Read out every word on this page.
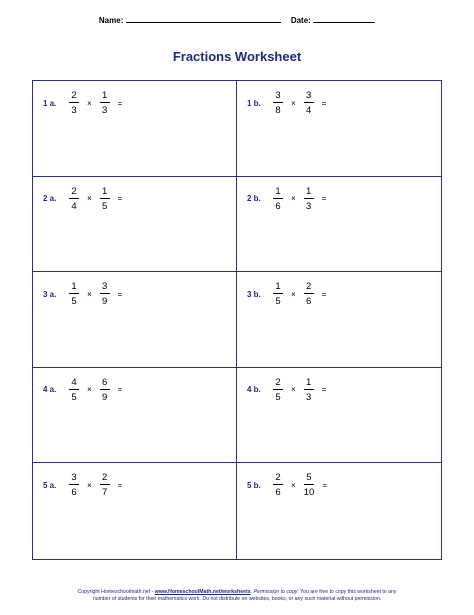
Name:	Date:
Fractions Worksheet
1 a.	$\frac{2}{3} \times \frac{1}{3}$ =	1 b.	$\frac{3}{8} \times \frac{3}{4}$ =
2 a.	$\frac{2}{4} \times \frac{1}{5}$ =	2 b.	$\frac{1}{6} \times \frac{1}{3}$ =
3 a.	$\frac{1}{5} \times \frac{3}{9}$ =	3 b.	$\frac{1}{5} \times \frac{2}{6}$ =
4 a.	$\frac{4}{5} \times \frac{6}{9}$ =	4 b.	$\frac{2}{5} \times \frac{1}{3}$ =
5 a.	$\frac{3}{6} \times \frac{2}{7}$ =	5 b.	$\frac{2}{6} \times \frac{5}{10}$ =
Copyright Homeschoolmath.net - www.HomeschoolMath.net/worksheets. Permission to copy: You are free to copy this worksheet to any
number of students for their mathematics work. Do not distribute on websites, books, or any such material without permission.
